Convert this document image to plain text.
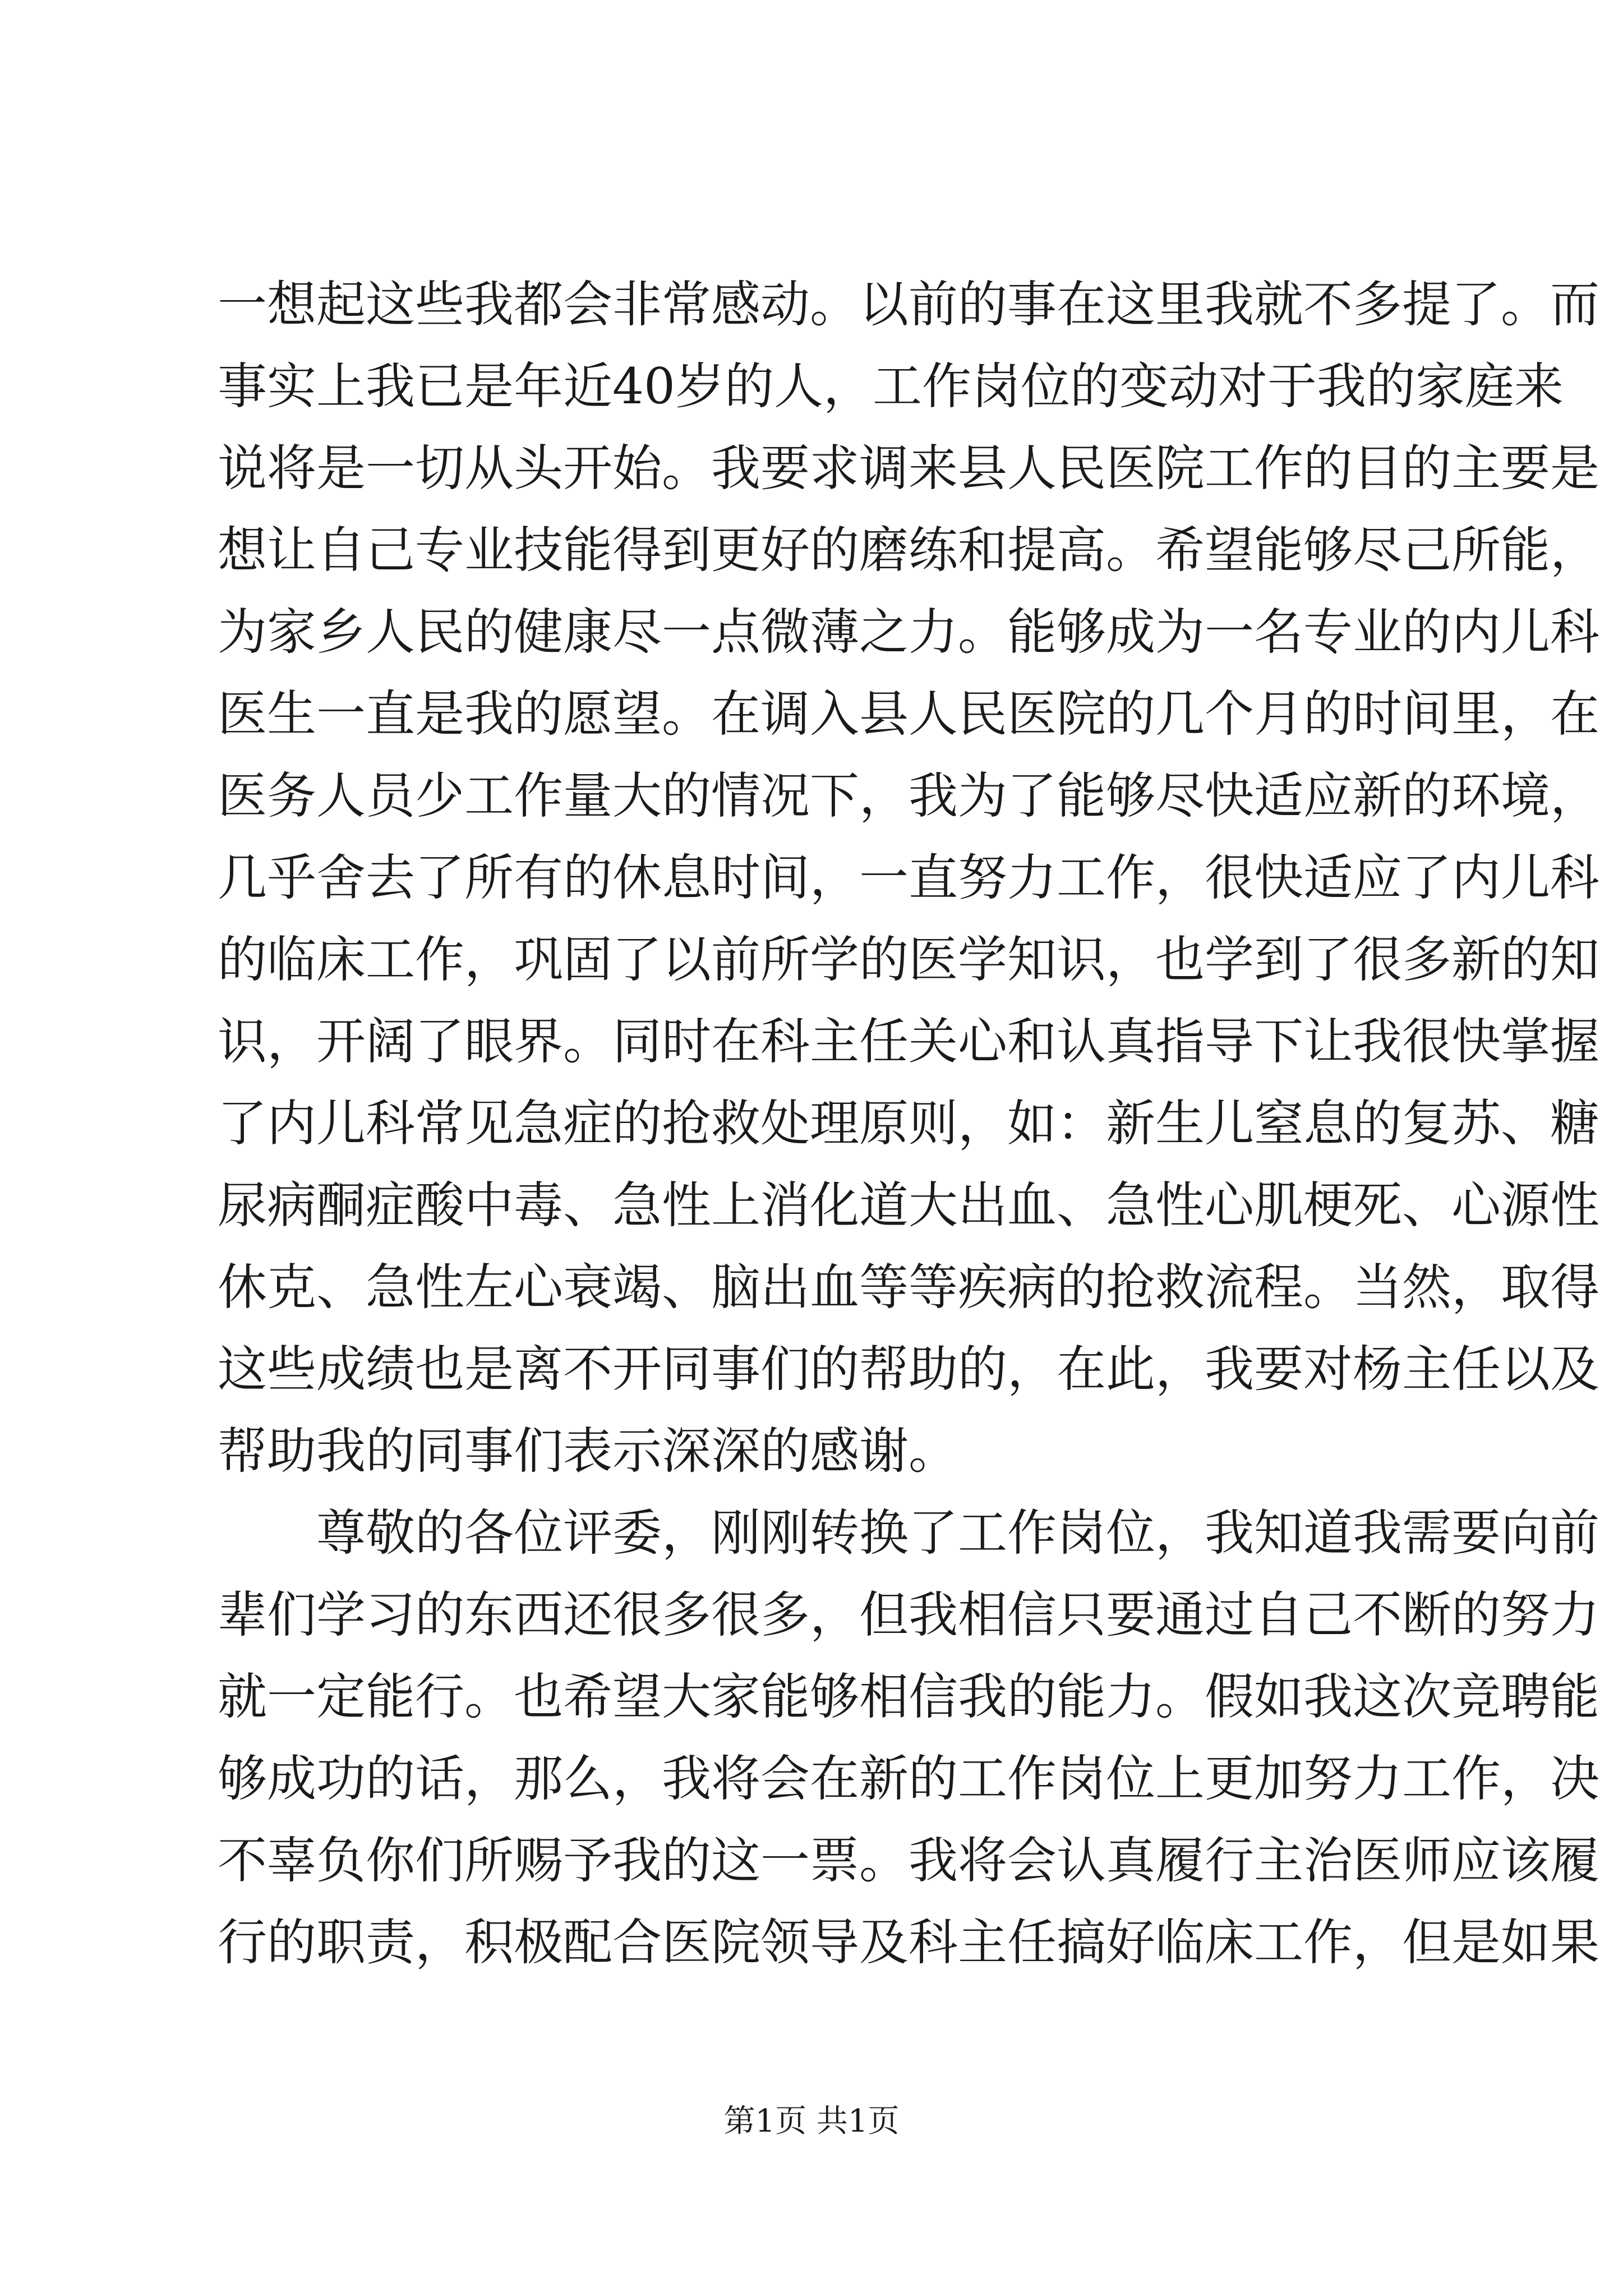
一想起这些我都会非常感动。以前的事在这里我就不多提了。而
事实上我已是年近40岁的人，工作岗位的变动对于我的家庭来
说将是一切从头开始。我要求调来县人民医院工作的目的主要是
想让自己专业技能得到更好的磨练和提高。希望能够尽己所能，
为家乡人民的健康尽一点微薄之力。能够成为一名专业的内儿科
医生一直是我的愿望。在调入县人民医院的几个月的时间里，在
医务人员少工作量大的情况下，我为了能够尽快适应新的环境，
几乎舍去了所有的休息时间，一直努力工作，很快适应了内儿科
的临床工作，巩固了以前所学的医学知识，也学到了很多新的知
识，开阔了眼界。同时在科主任关心和认真指导下让我很快掌握
了内儿科常见急症的抢救处理原则，如：新生儿窒息的复苏、糖
尿病酮症酸中毒、急性上消化道大出血、急性心肌梗死、心源性
休克、急性左心衰竭、脑出血等等疾病的抢救流程。当然，取得
这些成绩也是离不开同事们的帮助的，在此，我要对杨主任以及
帮助我的同事们表示深深的感谢。
尊敬的各位评委，刚刚转换了工作岗位，我知道我需要向前
辈们学习的东西还很多很多，但我相信只要通过自己不断的努力
就一定能行。也希望大家能够相信我的能力。假如我这次竞聘能
够成功的话，那么，我将会在新的工作岗位上更加努力工作，决
不辜负你们所赐予我的这一票。我将会认真履行主治医师应该履
行的职责，积极配合医院领导及科主任搞好临床工作，但是如果
第1页 共1页
